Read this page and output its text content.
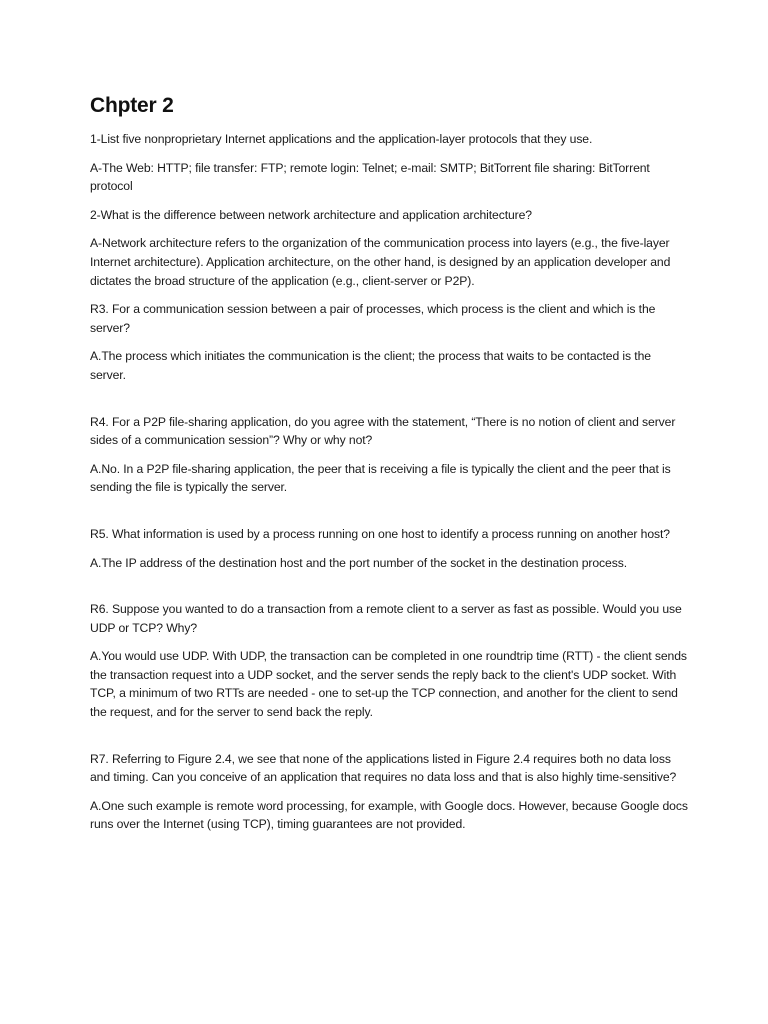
Chpter 2

1-List five nonproprietary Internet applications and the application-layer protocols that they use.

A-The Web: HTTP; file transfer: FTP; remote login: Telnet; e-mail: SMTP; BitTorrent file sharing: BitTorrent protocol

2-What is the difference between network architecture and application architecture?

A-Network architecture refers to the organization of the communication process into layers (e.g., the five-layer Internet architecture). Application architecture, on the other hand, is designed by an application developer and dictates the broad structure of the application (e.g., client-server or P2P).

R3. For a communication session between a pair of processes, which process is the client and which is the server?

A.The process which initiates the communication is the client; the process that waits to be contacted is the server.

R4. For a P2P file-sharing application, do you agree with the statement, “There is no notion of client and server sides of a communication session”? Why or why not?

A.No. In a P2P file-sharing application, the peer that is receiving a file is typically the client and the peer that is sending the file is typically the server.

R5. What information is used by a process running on one host to identify a process running on another host?

A.The IP address of the destination host and the port number of the socket in the destination process.

R6. Suppose you wanted to do a transaction from a remote client to a server as fast as possible. Would you use UDP or TCP? Why?

A.You would use UDP. With UDP, the transaction can be completed in one roundtrip time (RTT) - the client sends the transaction request into a UDP socket, and the server sends the reply back to the client's UDP socket. With TCP, a minimum of two RTTs are needed - one to set-up the TCP connection, and another for the client to send the request, and for the server to send back the reply.

R7. Referring to Figure 2.4, we see that none of the applications listed in Figure 2.4 requires both no data loss and timing. Can you conceive of an application that requires no data loss and that is also highly time-sensitive?

A.One such example is remote word processing, for example, with Google docs. However, because Google docs runs over the Internet (using TCP), timing guarantees are not provided.
